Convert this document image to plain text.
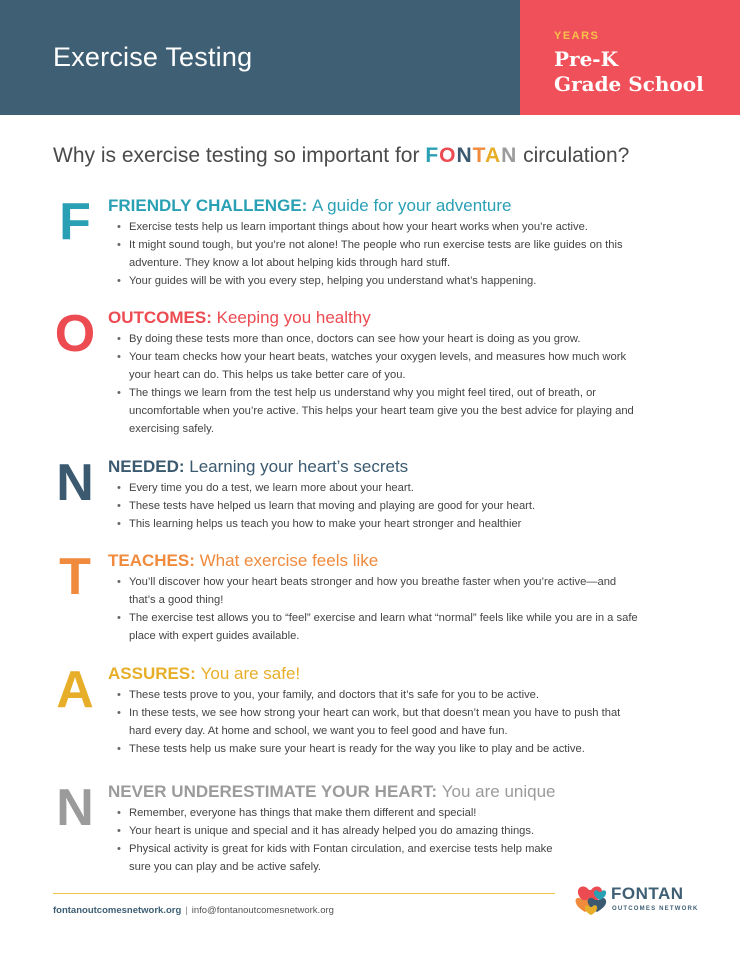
Exercise Testing
YEARS
Pre-K
Grade School
Why is exercise testing so important for FONTAN circulation?
F	FRIENDLY CHALLENGE: A guide for your adventure
• Exercise tests help us learn important things about how your heart works when you’re active.
• It might sound tough, but you’re not alone! The people who run exercise tests are like guides on this adventure. They know a lot about helping kids through hard stuff.
• Your guides will be with you every step, helping you understand what’s happening.
O OUTCOMES: Keeping you healthy
• By doing these tests more than once, doctors can see how your heart is doing as you grow.
• Your team checks how your heart beats, watches your oxygen levels, and measures how much work your heart can do. This helps us take better care of you.
• The things we learn from the test help us understand why you might feel tired, out of breath, or uncomfortable when you’re active. This helps your heart team give you the best advice for playing and exercising safely.
N NEEDED: Learning your heart’s secrets
• Every time you do a test, we learn more about your heart.
• These tests have helped us learn that moving and playing are good for your heart.
• This learning helps us teach you how to make your heart stronger and healthier
T	TEACHES: What exercise feels like
• You’ll discover how your heart beats stronger and how you breathe faster when you’re active—and that’s a good thing!
• The exercise test allows you to “feel” exercise and learn what “normal” feels like while you are in a safe place with expert guides available.
A ASSURES: You are safe!
• These tests prove to you, your family, and doctors that it’s safe for you to be active.
• In these tests, we see how strong your heart can work, but that doesn’t mean you have to push that hard every day. At home and school, we want you to feel good and have fun.
• These tests help us make sure your heart is ready for the way you like to play and be active.
N NEVER UNDERESTIMATE YOUR HEART: You are unique
• Remember, everyone has things that make them different and special!
• Your heart is unique and special and it has already helped you do amazing things.
• Physical activity is great for kids with Fontan circulation, and exercise tests help make sure you can play and be active safely.
fontanoutcomesnetwork.org | info@fontanoutcomesnetwork.org
FONTAN
OUTCOMES NETWORK
